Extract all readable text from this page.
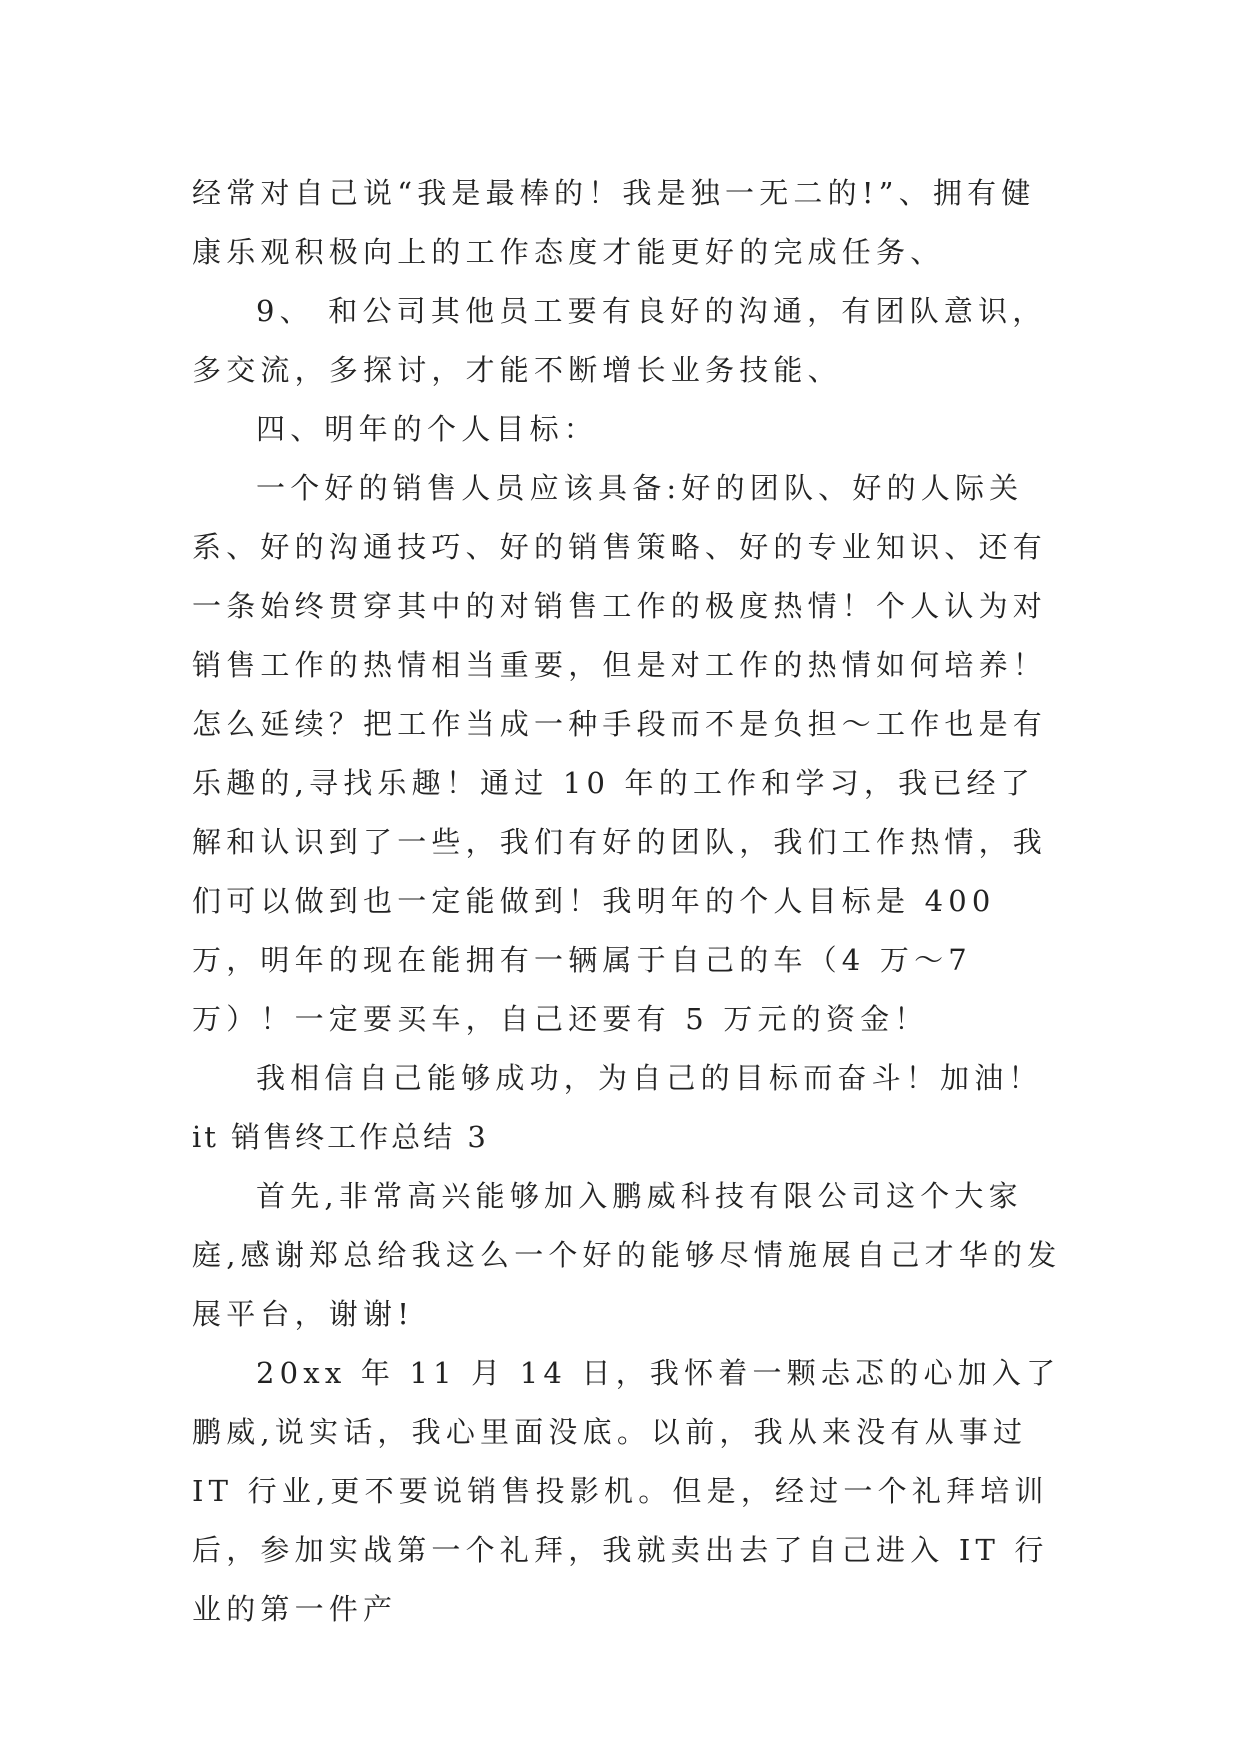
经常对自己说“我是最棒的！我是独一无二的!”、拥有健康乐观积极向上的工作态度才能更好的完成任务、

9、 和公司其他员工要有良好的沟通，有团队意识，多交流，多探讨，才能不断增长业务技能、

四、明年的个人目标：

一个好的销售人员应该具备:好的团队、好的人际关系、好的沟通技巧、好的销售策略、好的专业知识、还有一条始终贯穿其中的对销售工作的极度热情！个人认为对销售工作的热情相当重要，但是对工作的热情如何培养！怎么延续？把工作当成一种手段而不是负担～工作也是有乐趣的,寻找乐趣！通过 10 年的工作和学习，我已经了解和认识到了一些，我们有好的团队，我们工作热情，我们可以做到也一定能做到！我明年的个人目标是 400 万，明年的现在能拥有一辆属于自己的车（4 万～7 万）！一定要买车，自己还要有 5 万元的资金！

我相信自己能够成功，为自己的目标而奋斗！加油！

it 销售终工作总结 3

首先,非常高兴能够加入鹏威科技有限公司这个大家庭,感谢郑总给我这么一个好的能够尽情施展自己才华的发展平台，谢谢!

20xx 年 11 月 14 日，我怀着一颗忐忑的心加入了鹏威,说实话，我心里面没底。以前，我从来没有从事过 IT 行业,更不要说销售投影机。但是，经过一个礼拜培训后，参加实战第一个礼拜，我就卖出去了自己进入 IT 行业的第一件产
